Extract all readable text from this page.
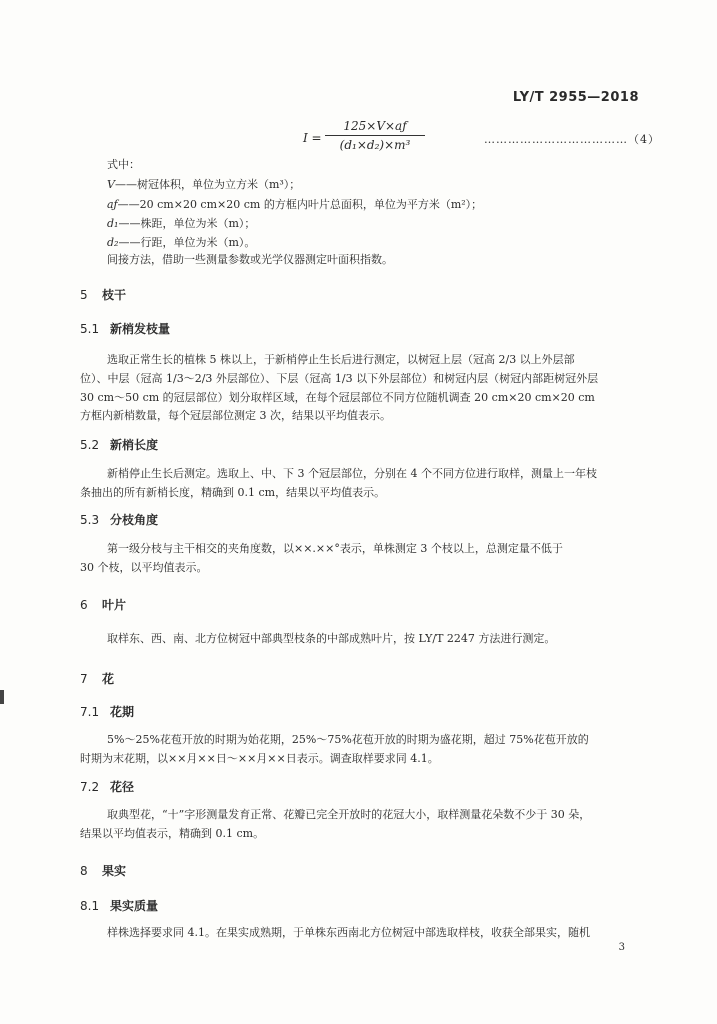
LY/T 2955—2018
$I = \frac{125\times V\times aƒ}{\text{(d₁×d₂)×m³}}$	………………………………（4）
式中：
V——树冠体积，单位为立方米（m³）；
aƒ——20 cm×20 cm×20 cm 的方框内叶片总面积，单位为平方米（m²）；
d₁——株距，单位为米（m）；
d₂——行距，单位为米（m）。
间接方法，借助一些测量参数或光学仪器测定叶面积指数。
5 枝干
5.1 新梢发枝量
选取正常生长的植株 5 株以上，于新梢停止生长后进行测定，以树冠上层（冠高 2/3 以上外层部
位）、中层（冠高 1/3～2/3 外层部位）、下层（冠高 1/3 以下外层部位）和树冠内层（树冠内部距树冠外层
30 cm～50 cm 的冠层部位）划分取样区域，在每个冠层部位不同方位随机调查 20 cm×20 cm×20 cm
方框内新梢数量，每个冠层部位测定 3 次，结果以平均值表示。
5.2 新梢长度
新梢停止生长后测定。选取上、中、下 3 个冠层部位，分别在 4 个不同方位进行取样，测量上一年枝
条抽出的所有新梢长度，精确到 0.1 cm，结果以平均值表示。
5.3 分枝角度
第一级分枝与主干相交的夹角度数，以××.××°表示，单株测定 3 个枝以上，总测定量不低于
30 个枝，以平均值表示。
6 叶片
取样东、西、南、北方位树冠中部典型枝条的中部成熟叶片，按 LY/T 2247 方法进行测定。
7 花
7.1 花期
5%～25%花苞开放的时期为始花期，25%～75%花苞开放的时期为盛花期，超过 75%花苞开放的
时期为末花期，以××月××日～××月××日表示。调查取样要求同 4.1。
7.2 花径
取典型花，“十”字形测量发育正常、花瓣已完全开放时的花冠大小，取样测量花朵数不少于 30 朵，
结果以平均值表示，精确到 0.1 cm。
8 果实
8.1 果实质量
样株选择要求同 4.1。在果实成熟期，于单株东西南北方位树冠中部选取样枝，收获全部果实，随机
3
